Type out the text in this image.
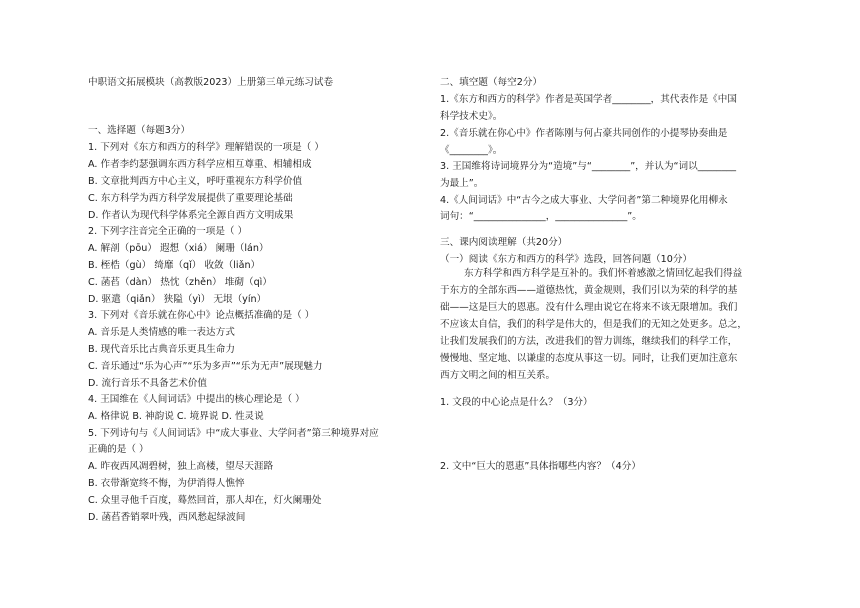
中职语文拓展模块（高教版2023）上册第三单元练习试卷
一、选择题（每题3分）
1. 下列对《东方和西方的科学》理解错误的一项是（ ）
A. 作者李约瑟强调东西方科学应相互尊重、相辅相成
B. 文章批判西方中心主义，呼吁重视东方科学价值
C. 东方科学为西方科学发展提供了重要理论基础
D. 作者认为现代科学体系完全源自西方文明成果
2. 下列字注音完全正确的一项是（ ）
A. 解剖（pōu） 遐想（xiá） 阑珊（lán）
B. 桎梏（gù） 绮靡（qǐ） 收敛（liǎn）
C. 菡萏（dàn） 热忱（zhěn） 堆砌（qì）
D. 驱遣（qiǎn） 狭隘（yì） 无垠（yín）
3. 下列对《音乐就在你心中》论点概括准确的是（ ）
A. 音乐是人类情感的唯一表达方式
B. 现代音乐比古典音乐更具生命力
C. 音乐通过“乐为心声”“乐为多声”“乐为无声”展现魅力
D. 流行音乐不具备艺术价值
4. 王国维在《人间词话》中提出的核心理论是（ ）
A. 格律说 B. 神韵说 C. 境界说 D. 性灵说
5. 下列诗句与《人间词话》中“成大事业、大学问者”第三种境界对应
正确的是（ ）
A. 昨夜西风凋碧树，独上高楼，望尽天涯路
B. 衣带渐宽终不悔，为伊消得人憔悴
C. 众里寻他千百度，蓦然回首，那人却在，灯火阑珊处
D. 菡萏香销翠叶残，西风愁起绿波间
二、填空题（每空2分）
1.《东方和西方的科学》作者是英国学者________，其代表作是《中国
科学技术史》。
2.《音乐就在你心中》作者陈刚与何占豪共同创作的小提琴协奏曲是
《________》。
3. 王国维将诗词境界分为“造境”与“________”，并认为“词以________
为最上”。
4.《人间词话》中“古今之成大事业、大学问者”第二种境界化用柳永
词句：“_______________，_______________”。
三、课内阅读理解（共20分）
（一）阅读《东方和西方的科学》选段，回答问题（10分）
东方科学和西方科学是互补的。我们怀着感激之情回忆起我们得益
于东方的全部东西——道德热忱，黄金规则，我们引以为荣的科学的基
础——这是巨大的恩惠。没有什么理由说它在将来不该无限增加。我们
不应该太自信，我们的科学是伟大的，但是我们的无知之处更多。总之，
让我们发展我们的方法，改进我们的智力训练，继续我们的科学工作，
慢慢地、坚定地、以谦虚的态度从事这一切。同时，让我们更加注意东
西方文明之间的相互关系。
1. 文段的中心论点是什么？（3分）
2. 文中“巨大的恩惠”具体指哪些内容？（4分）
